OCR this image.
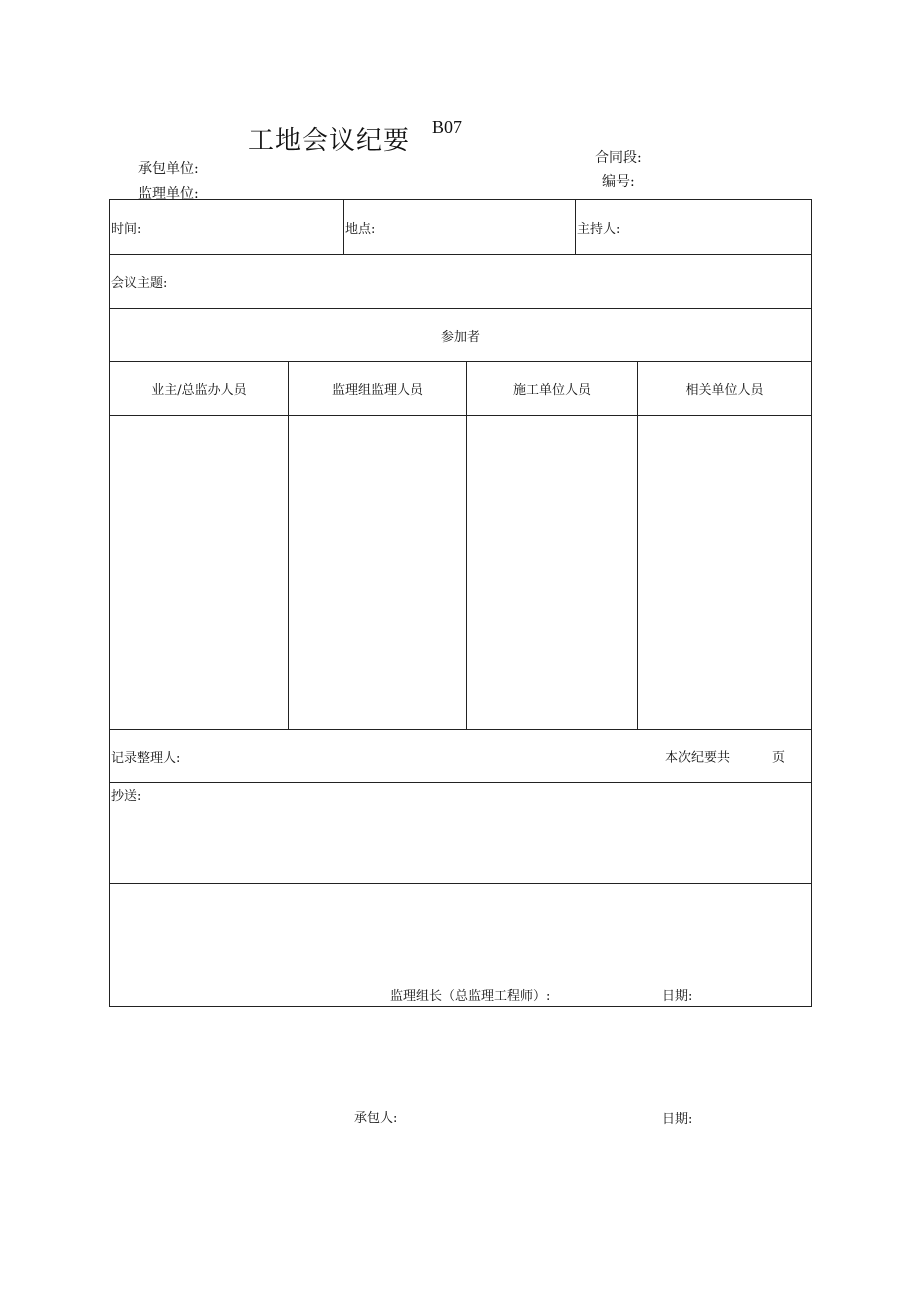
工地会议纪要 B07
承包单位:
监理单位:
合同段:
编号:
时间:		地点:		主持人:	
会议主题:					
参加者					
业主/总监办人员	监理组监理人员		施工单位人员		相关单位人员

记录整理人: 本次纪要共 页					

抄送:					

监理组长（总监理工程师）: 日期:					
承包人:	日期:
